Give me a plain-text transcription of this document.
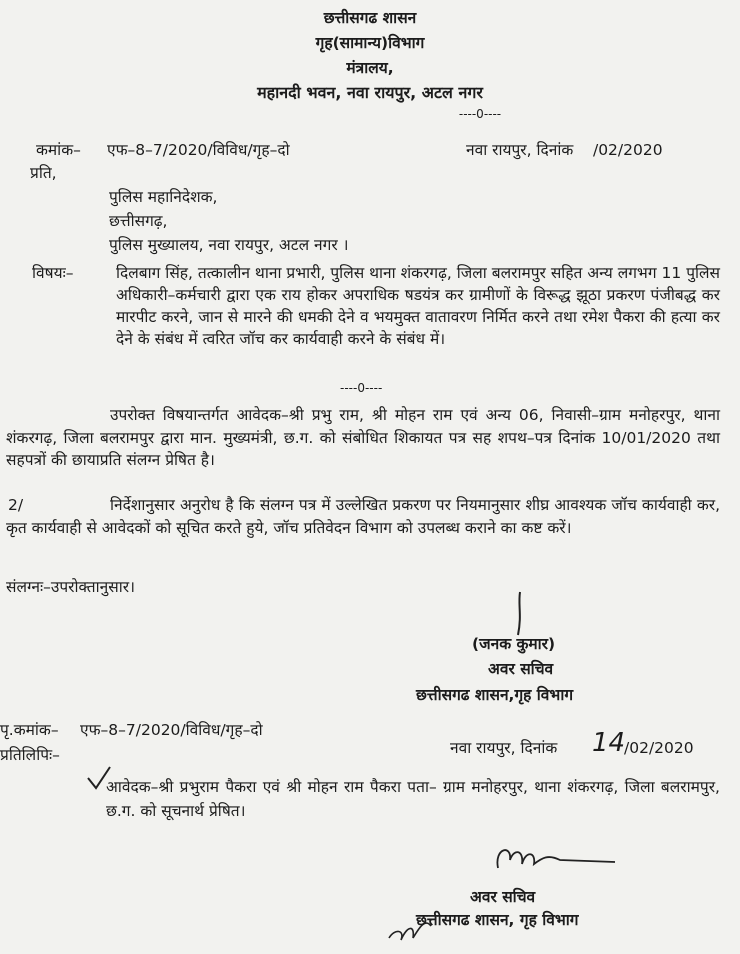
छत्तीसगढ शासन
गृह(सामान्य)विभाग
मंत्रालय,
महानदी भवन, नवा रायपुर, अटल नगर
----0----
कमांक– एफ–8–7/2020/विविध/गृह–दो	नवा रायपुर, दिनांक    /02/2020
प्रति,
पुलिस महानिदेशक,
छत्तीसगढ़,
पुलिस मुख्यालय, नवा रायपुर, अटल नगर ।
विषयः–	दिलबाग सिंह, तत्कालीन थाना प्रभारी, पुलिस थाना शंकरगढ़, जिला बलरामपुर सहित अन्य लगभग 11 पुलिस अधिकारी–कर्मचारी द्वारा एक राय होकर अपराधिक षडयंत्र कर ग्रामीणों के विरूद्ध झूठा प्रकरण पंजीबद्ध कर मारपीट करने, जान से मारने की धमकी देने व भयमुक्त वातावरण निर्मित करने तथा रमेश पैकरा की हत्या कर देने के संबंध में त्वरित जॉच कर कार्यवाही करने के संबंध में।
----0----
उपरोक्त विषयान्तर्गत आवेदक–श्री प्रभु राम, श्री मोहन राम एवं अन्य 06, निवासी–ग्राम मनोहरपुर, थाना शंकरगढ़, जिला बलरामपुर द्वारा मान. मुख्यमंत्री, छ.ग. को संबोधित शिकायत पत्र सह शपथ–पत्र दिनांक 10/01/2020 तथा सहपत्रों की छायाप्रति संलग्न प्रेषित है।
2/	निर्देशानुसार अनुरोध है कि संलग्न पत्र में उल्लेखित प्रकरण पर नियमानुसार शीघ्र आवश्यक जॉच कार्यवाही कर, कृत कार्यवाही से आवेदकों को सूचित करते हुये, जॉच प्रतिवेदन विभाग को उपलब्ध कराने का कष्ट करें।
संलग्नः–उपरोक्तानुसार।
(जनक कुमार)
अवर सचिव
छत्तीसगढ शासन,गृह विभाग
पृ.कमांक– एफ–8–7/2020/विविध/गृह–दो
नवा रायपुर, दिनांक 14
/02/2020
प्रतिलिपिः–
आवेदक–श्री प्रभुराम पैकरा एवं श्री मोहन राम पैकरा पता– ग्राम मनोहरपुर, थाना शंकरगढ़, जिला बलरामपुर, छ.ग. को सूचनार्थ प्रेषित।
अवर सचिव
छत्तीसगढ शासन, गृह विभाग
